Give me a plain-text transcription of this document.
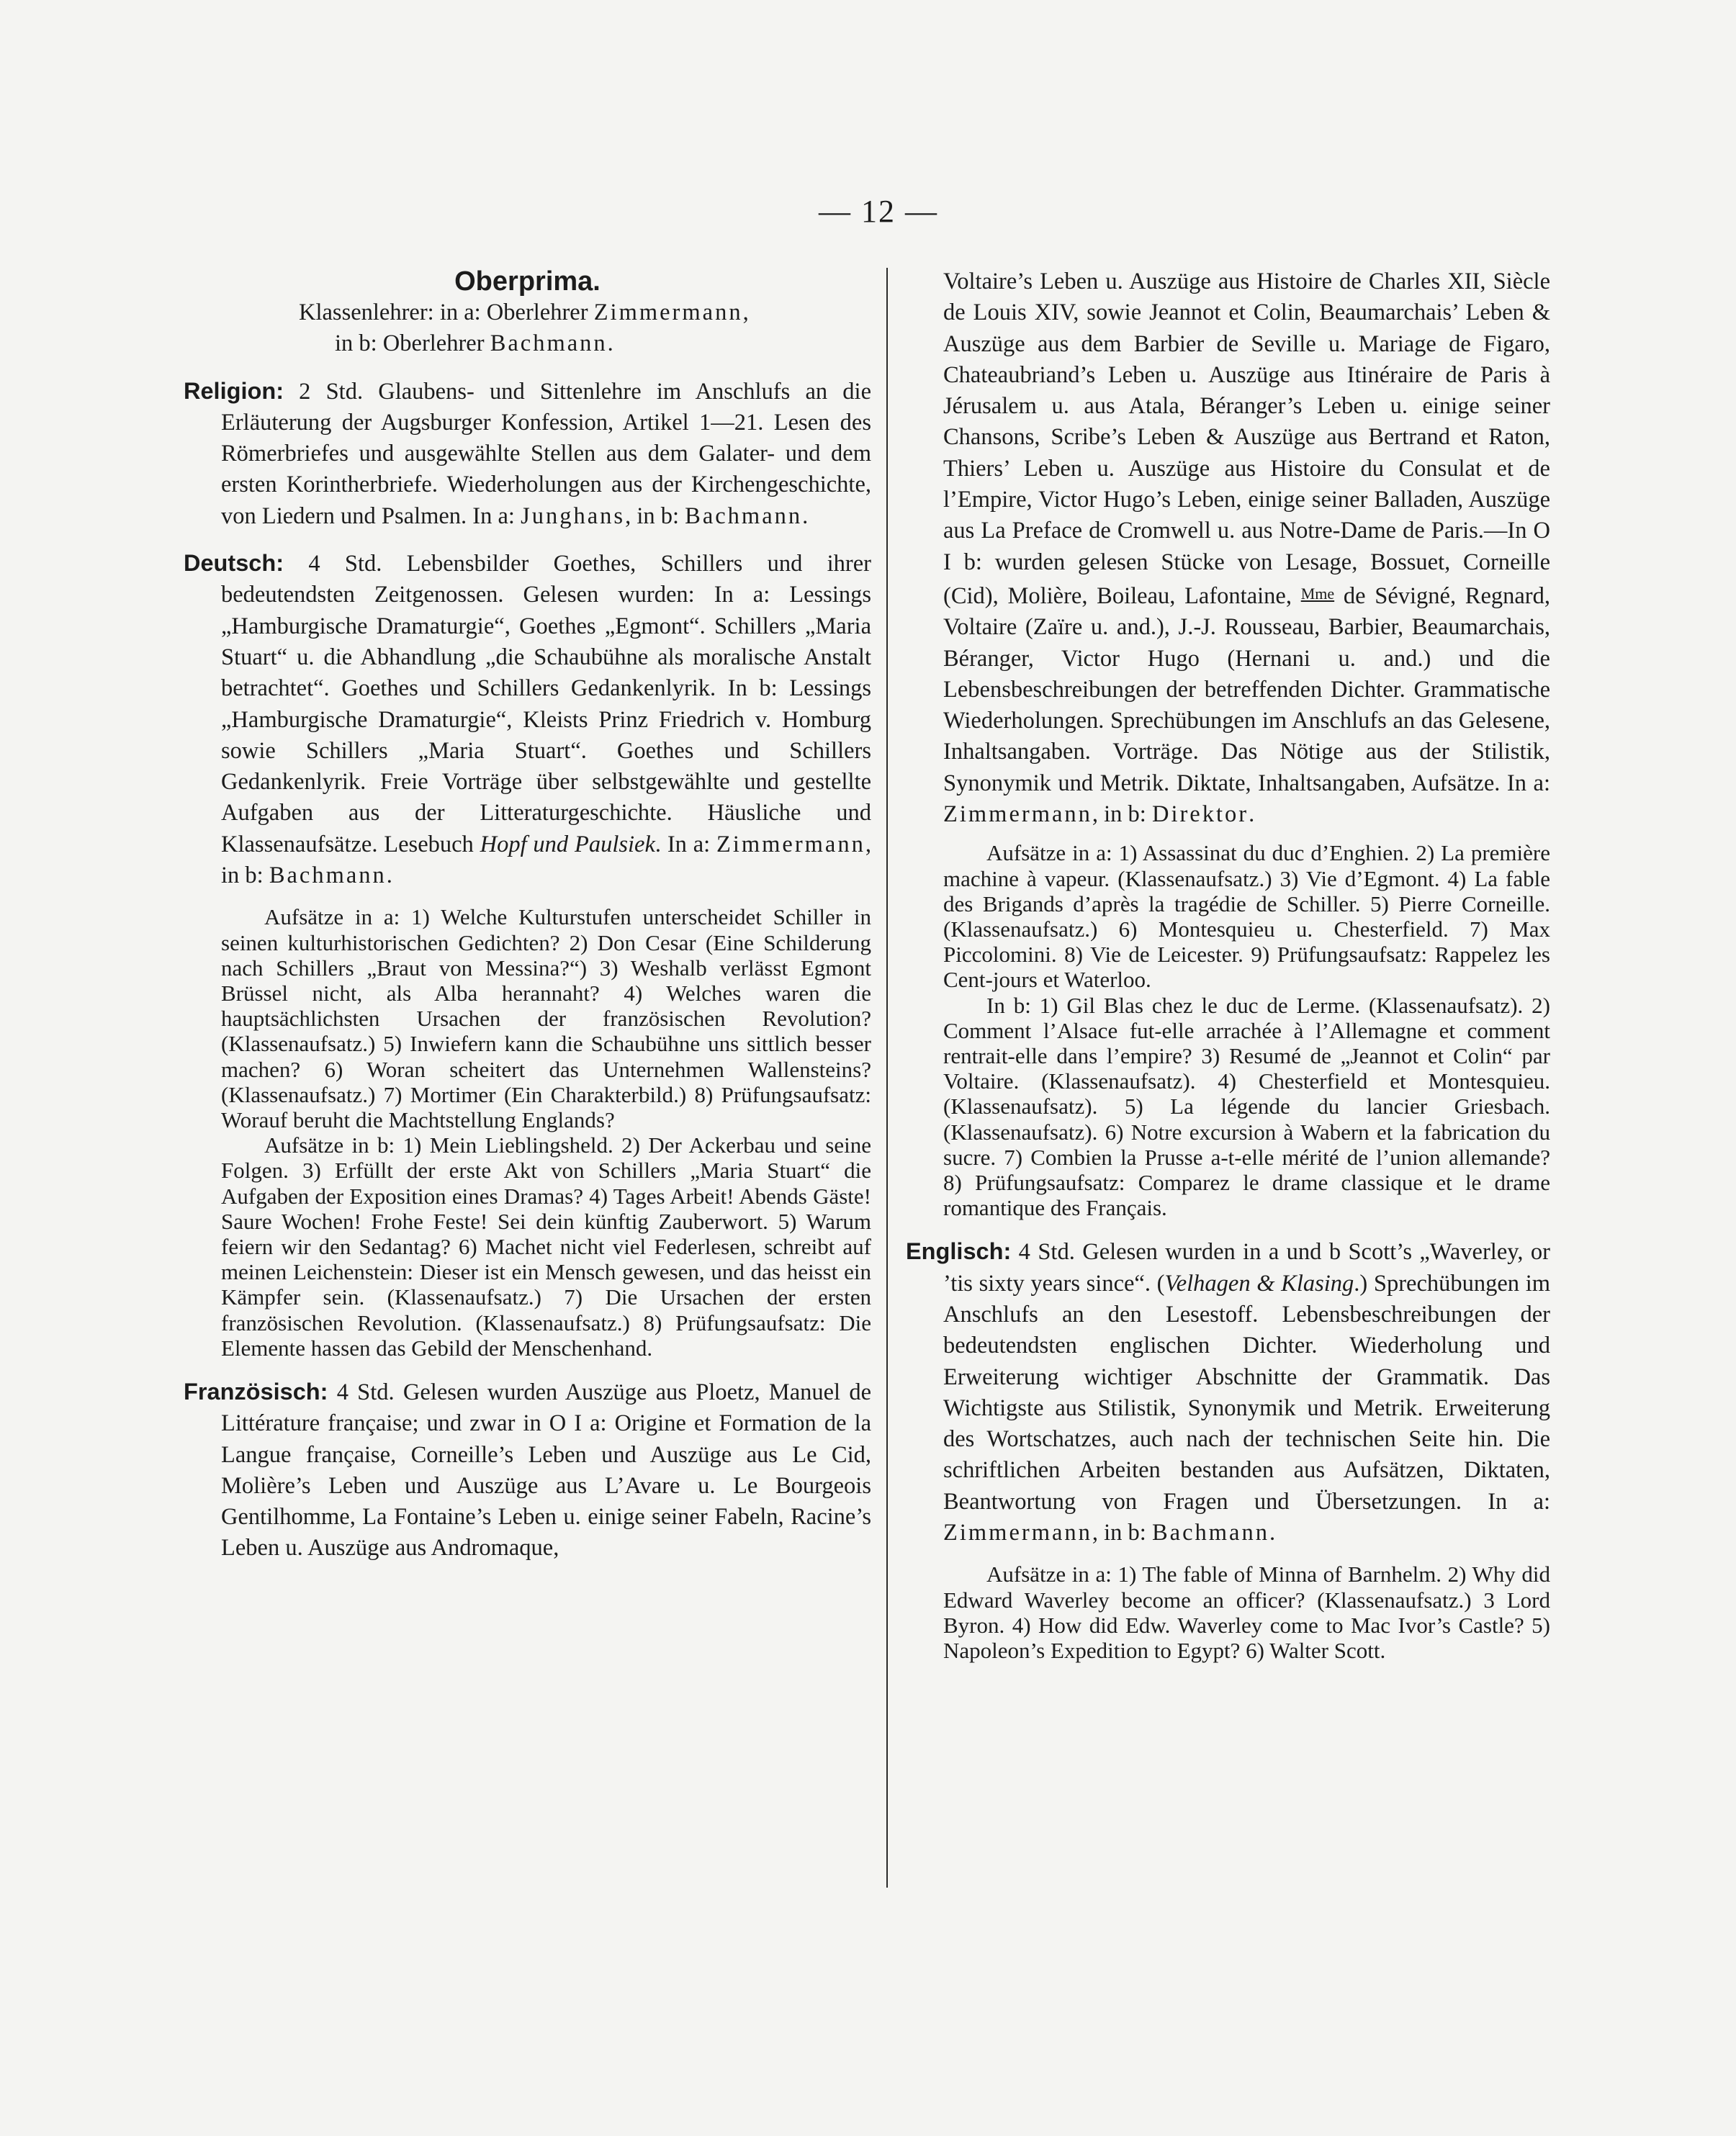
— 12 —

Oberprima.

Klassenlehrer: in a: Oberlehrer Zimmermann,

in b: Oberlehrer Bachmann.

Religion: 2 Std. Glaubens- und Sittenlehre im Anschlufs an die Erläuterung der Augsburger Konfession, Artikel 1—21. Lesen des Römerbriefes und ausgewählte Stellen aus dem Galater- und dem ersten Korintherbriefe. Wiederholungen aus der Kirchengeschichte, von Liedern und Psalmen. In a: Junghans, in b: Bachmann.

Deutsch: 4 Std. Lebensbilder Goethes, Schillers und ihrer bedeutendsten Zeitgenossen. Gelesen wurden: In a: Lessings „Hamburgische Dramaturgie“, Goethes „Egmont“. Schillers „Maria Stuart“ u. die Abhandlung „die Schaubühne als moralische Anstalt betrachtet“. Goethes und Schillers Gedankenlyrik. In b: Lessings „Hamburgische Dramaturgie“, Kleists Prinz Friedrich v. Homburg sowie Schillers „Maria Stuart“. Goethes und Schillers Gedankenlyrik. Freie Vorträge über selbstgewählte und gestellte Aufgaben aus der Litteraturgeschichte. Häusliche und Klassenaufsätze. Lesebuch Hopf und Paulsiek. In a: Zimmermann, in b: Bachmann.

Aufsätze in a: 1) Welche Kulturstufen unterscheidet Schiller in seinen kulturhistorischen Gedichten? 2) Don Cesar (Eine Schilderung nach Schillers „Braut von Messina?“) 3) Weshalb verlässt Egmont Brüssel nicht, als Alba herannaht? 4) Welches waren die hauptsächlichsten Ursachen der französischen Revolution? (Klassenaufsatz.) 5) Inwiefern kann die Schaubühne uns sittlich besser machen? 6) Woran scheitert das Unternehmen Wallensteins? (Klassenaufsatz.) 7) Mortimer (Ein Charakterbild.) 8) Prüfungsaufsatz: Worauf beruht die Machtstellung Englands?

Aufsätze in b: 1) Mein Lieblingsheld. 2) Der Ackerbau und seine Folgen. 3) Erfüllt der erste Akt von Schillers „Maria Stuart“ die Aufgaben der Exposition eines Dramas? 4) Tages Arbeit! Abends Gäste! Saure Wochen! Frohe Feste! Sei dein künftig Zauberwort. 5) Warum feiern wir den Sedantag? 6) Machet nicht viel Federlesen, schreibt auf meinen Leichenstein: Dieser ist ein Mensch gewesen, und das heisst ein Kämpfer sein. (Klassenaufsatz.) 7) Die Ursachen der ersten französischen Revolution. (Klassenaufsatz.) 8) Prüfungsaufsatz: Die Elemente hassen das Gebild der Menschenhand.

Französisch: 4 Std. Gelesen wurden Auszüge aus Ploetz, Manuel de Littérature française; und zwar in O I a: Origine et Formation de la Langue française, Corneille’s Leben und Auszüge aus Le Cid, Molière’s Leben und Auszüge aus L’Avare u. Le Bourgeois Gentilhomme, La Fontaine’s Leben u. einige seiner Fabeln, Racine’s Leben u. Auszüge aus Andromaque,

Voltaire’s Leben u. Auszüge aus Histoire de Charles XII, Siècle de Louis XIV, sowie Jeannot et Colin, Beaumarchais’ Leben & Auszüge aus dem Barbier de Seville u. Mariage de Figaro, Chateaubriand’s Leben u. Auszüge aus Itinéraire de Paris à Jérusalem u. aus Atala, Béranger’s Leben u. einige seiner Chansons, Scribe’s Leben & Auszüge aus Bertrand et Raton, Thiers’ Leben u. Auszüge aus Histoire du Consulat et de l’Empire, Victor Hugo’s Leben, einige seiner Balladen, Auszüge aus La Preface de Cromwell u. aus Notre-Dame de Paris.—In O I b: wurden gelesen Stücke von Lesage, Bossuet, Corneille (Cid), Molière, Boileau, Lafontaine, Mme de Sévigné, Regnard, Voltaire (Zaïre u. and.), J.-J. Rousseau, Barbier, Beaumarchais, Béranger, Victor Hugo (Hernani u. and.) und die Lebensbeschreibungen der betreffenden Dichter. Grammatische Wiederholungen. Sprechübungen im Anschlufs an das Gelesene, Inhaltsangaben. Vorträge. Das Nötige aus der Stilistik, Synonymik und Metrik. Diktate, Inhaltsangaben, Aufsätze. In a: Zimmermann, in b: Direktor.

Aufsätze in a: 1) Assassinat du duc d’Enghien. 2) La première machine à vapeur. (Klassenaufsatz.) 3) Vie d’Egmont. 4) La fable des Brigands d’après la tragédie de Schiller. 5) Pierre Corneille. (Klassenaufsatz.) 6) Montesquieu u. Chesterfield. 7) Max Piccolomini. 8) Vie de Leicester. 9) Prüfungsaufsatz: Rappelez les Cent-jours et Waterloo.

In b: 1) Gil Blas chez le duc de Lerme. (Klassenaufsatz). 2) Comment l’Alsace fut-elle arrachée à l’Allemagne et comment rentrait-elle dans l’empire? 3) Resumé de „Jeannot et Colin“ par Voltaire. (Klassenaufsatz). 4) Chesterfield et Montesquieu. (Klassenaufsatz). 5) La légende du lancier Griesbach. (Klassenaufsatz). 6) Notre excursion à Wabern et la fabrication du sucre. 7) Combien la Prusse a-t-elle mérité de l’union allemande? 8) Prüfungsaufsatz: Comparez le drame classique et le drame romantique des Français.

Englisch: 4 Std. Gelesen wurden in a und b Scott’s „Waverley, or ’tis sixty years since“. (Velhagen & Klasing.) Sprechübungen im Anschlufs an den Lesestoff. Lebensbeschreibungen der bedeutendsten englischen Dichter. Wiederholung und Erweiterung wichtiger Abschnitte der Grammatik. Das Wichtigste aus Stilistik, Synonymik und Metrik. Erweiterung des Wortschatzes, auch nach der technischen Seite hin. Die schriftlichen Arbeiten bestanden aus Aufsätzen, Diktaten, Beantwortung von Fragen und Übersetzungen. In a: Zimmermann, in b: Bachmann.

Aufsätze in a: 1) The fable of Minna of Barnhelm. 2) Why did Edward Waverley become an officer? (Klassenaufsatz.) 3 Lord Byron. 4) How did Edw. Waverley come to Mac Ivor’s Castle? 5) Napoleon’s Expedition to Egypt? 6) Walter Scott.
